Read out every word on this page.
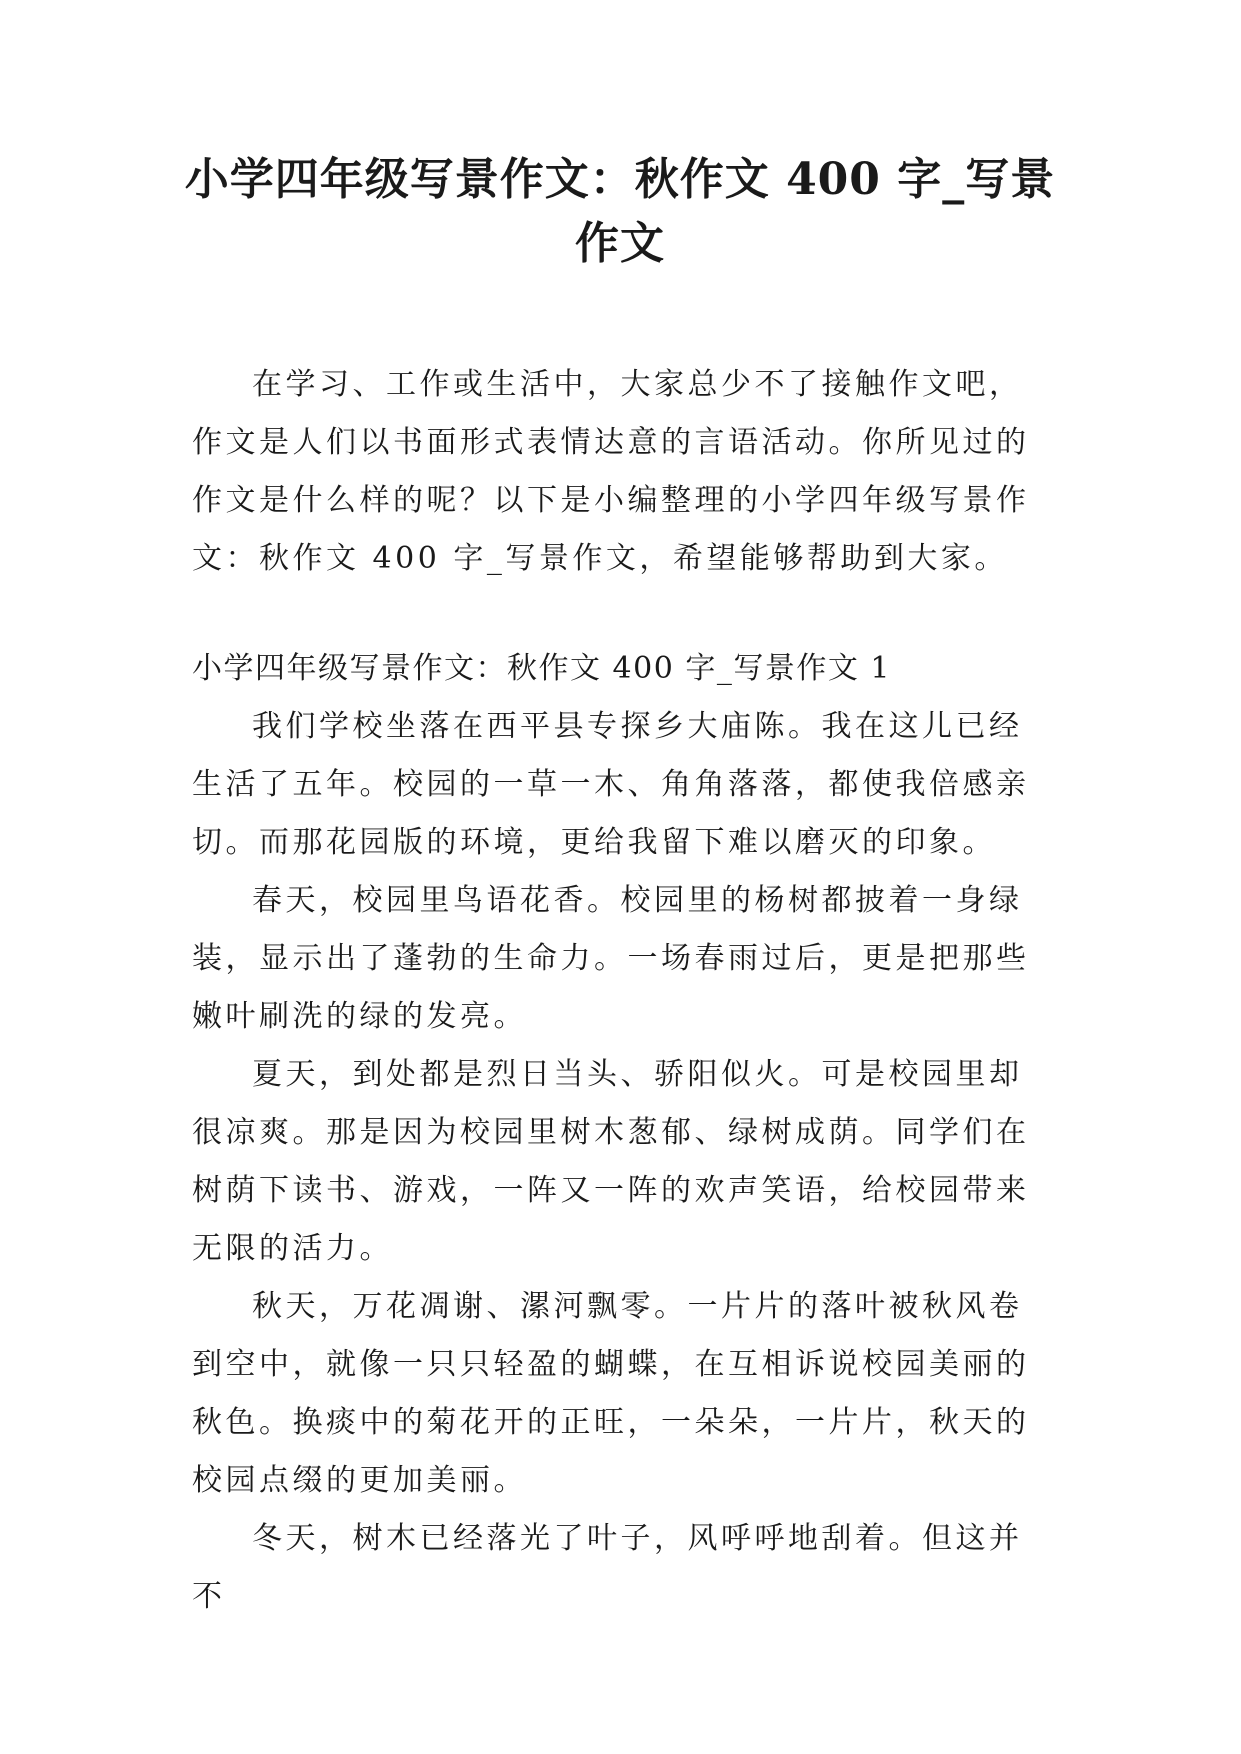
小学四年级写景作文：秋作文 400 字_写景作文

在学习、工作或生活中，大家总少不了接触作文吧，作文是人们以书面形式表情达意的言语活动。你所见过的作文是什么样的呢？以下是小编整理的小学四年级写景作文：秋作文 400 字_写景作文，希望能够帮助到大家。

小学四年级写景作文：秋作文 400 字_写景作文 1

我们学校坐落在西平县专探乡大庙陈。我在这儿已经生活了五年。校园的一草一木、角角落落，都使我倍感亲切。而那花园版的环境，更给我留下难以磨灭的印象。

春天，校园里鸟语花香。校园里的杨树都披着一身绿装，显示出了蓬勃的生命力。一场春雨过后，更是把那些嫩叶刷洗的绿的发亮。

夏天，到处都是烈日当头、骄阳似火。可是校园里却很凉爽。那是因为校园里树木葱郁、绿树成荫。同学们在树荫下读书、游戏，一阵又一阵的欢声笑语，给校园带来无限的活力。

秋天，万花凋谢、漯河飘零。一片片的落叶被秋风卷到空中，就像一只只轻盈的蝴蝶，在互相诉说校园美丽的秋色。换痰中的菊花开的正旺，一朵朵，一片片，秋天的校园点缀的更加美丽。

冬天，树木已经落光了叶子，风呼呼地刮着。但这并不
